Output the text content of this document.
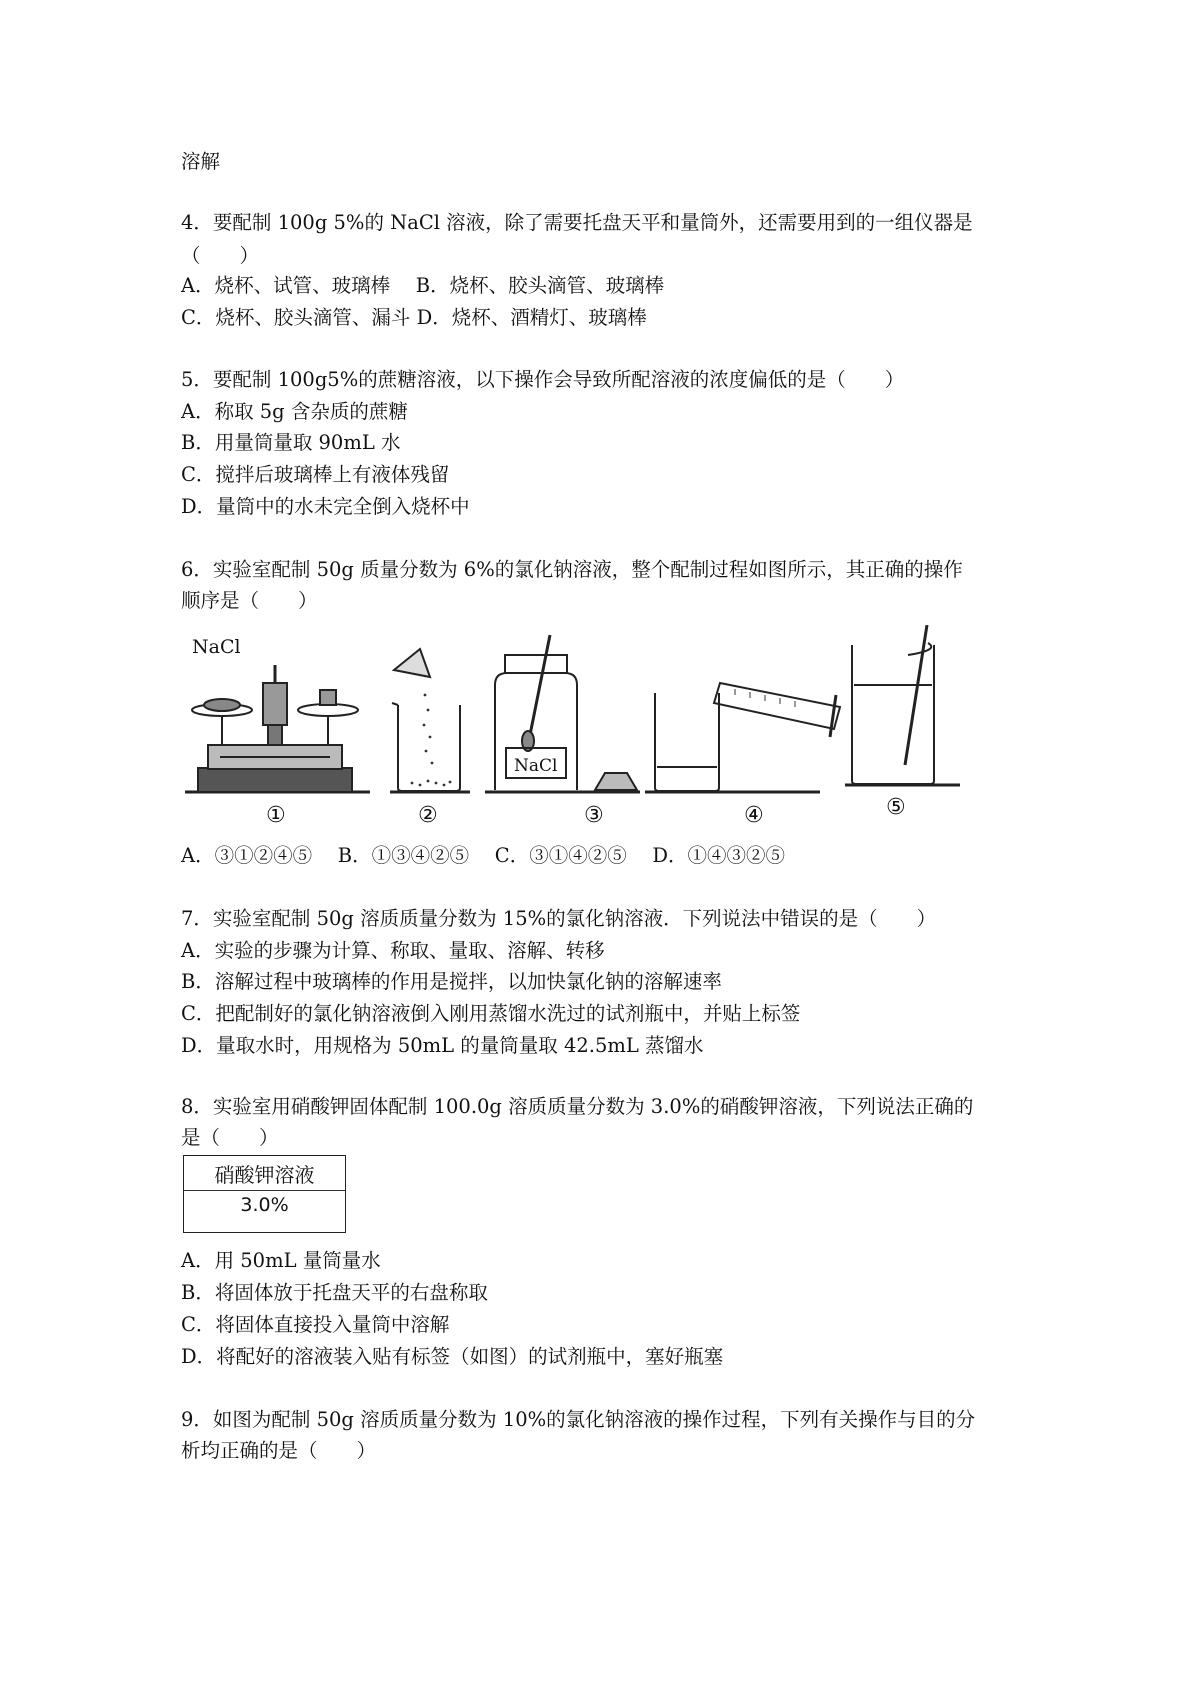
溶解
4．要配制 100g 5%的 NaCl 溶液，除了需要托盘天平和量筒外，还需要用到的一组仪器是
（　　）
A．烧杯、试管、玻璃棒　 B．烧杯、胶头滴管、玻璃棒
C．烧杯、胶头滴管、漏斗 D．烧杯、酒精灯、玻璃棒
5．要配制 100g5%的蔗糖溶液，以下操作会导致所配溶液的浓度偏低的是（　　）
A．称取 5g 含杂质的蔗糖
B．用量筒量取 90mL 水
C．搅拌后玻璃棒上有液体残留
D．量筒中的水未完全倒入烧杯中
6．实验室配制 50g 质量分数为 6%的氯化钠溶液，整个配制过程如图所示，其正确的操作
顺序是（　　）
NaCl
NaCl
①	②	③	④	⑤
A．③①②④⑤　 B．①③④②⑤　 C．③①④②⑤　 D．①④③②⑤
7．实验室配制 50g 溶质质量分数为 15%的氯化钠溶液．下列说法中错误的是（　　）
A．实验的步骤为计算、称取、量取、溶解、转移
B．溶解过程中玻璃棒的作用是搅拌，以加快氯化钠的溶解速率
C．把配制好的氯化钠溶液倒入刚用蒸馏水洗过的试剂瓶中，并贴上标签
D．量取水时，用规格为 50mL 的量筒量取 42.5mL 蒸馏水
8．实验室用硝酸钾固体配制 100.0g 溶质质量分数为 3.0%的硝酸钾溶液，下列说法正确的
是（　　）
硝酸钾溶液
3.0%
A．用 50mL 量筒量水
B．将固体放于托盘天平的右盘称取
C．将固体直接投入量筒中溶解
D．将配好的溶液装入贴有标签（如图）的试剂瓶中，塞好瓶塞
9．如图为配制 50g 溶质质量分数为 10%的氯化钠溶液的操作过程，下列有关操作与目的分
析均正确的是（　　）
